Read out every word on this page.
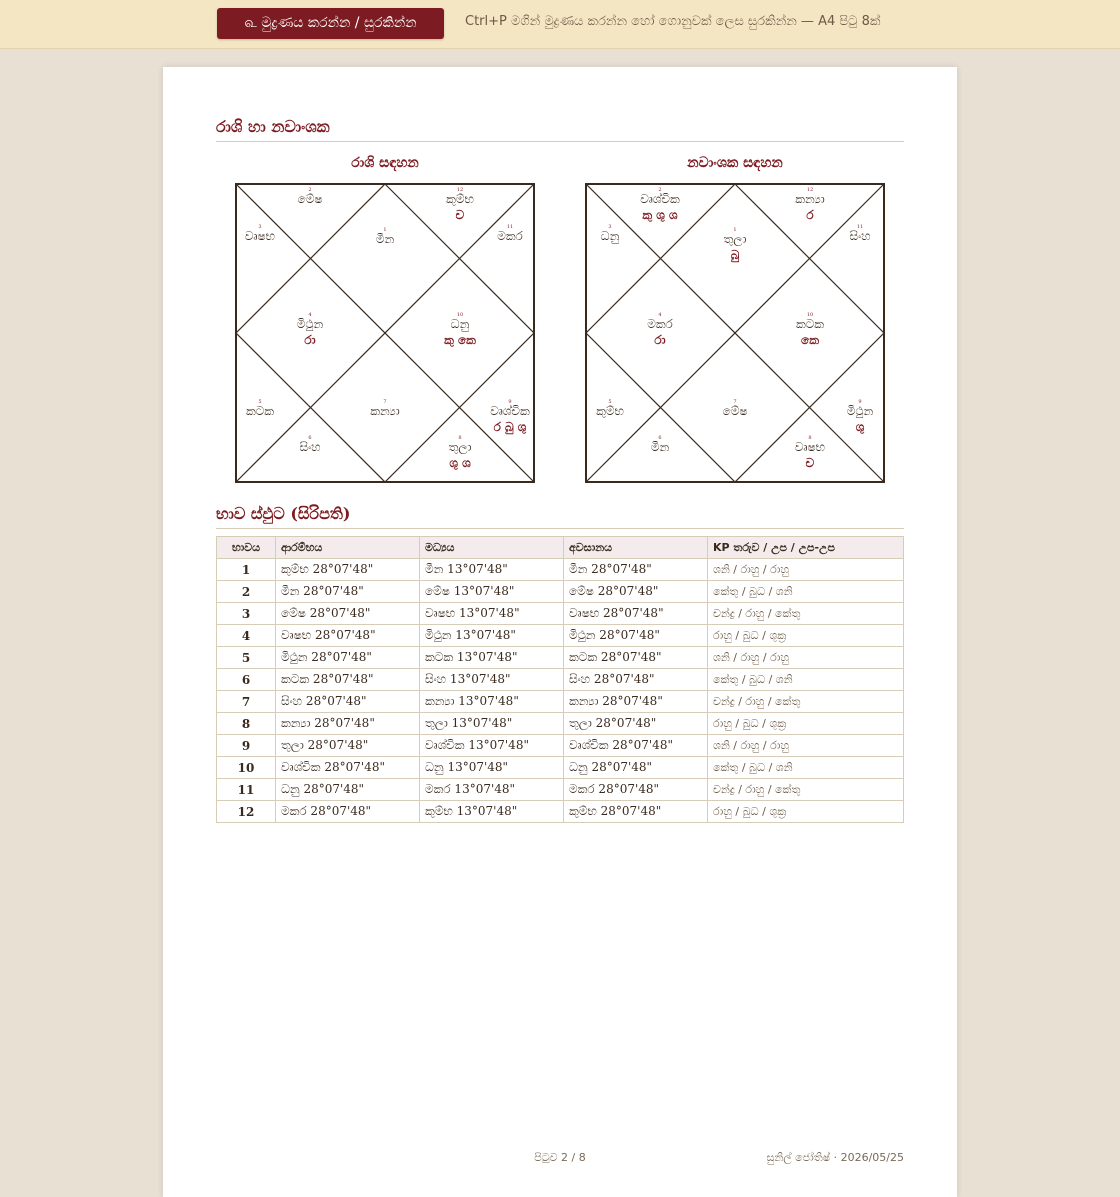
௳ මුද්‍රණය කරන්න / සුරකින්න	Ctrl+P මගින් මුද්‍රණය කරන්න හෝ ගොනුවක් ලෙස සුරකින්න — A4 පිටු 8ක්
රාශි හා නවාංශක
රාශි සඳහන	නවාංශක සඳහන
1
මීන
2
මේෂ
3
වෘෂභ
4
මිථුන
රා
5
කටක
6
සිංහ
7
කන්‍යා
8
තුලා
ශු ශ
9
වෘශ්චික
ර බු ශු
10
ධනු
කු කෙ
11
මකර
12
කුම්භ
ච
1
තුලා
බු
2
වෘශ්චික
කු ශු ශ
3
ධනු
4
මකර
රා
5
කුම්භ
6
මීන
7
මේෂ
8
වෘෂභ
ච
9
මිථුන
ශු
10
කටක
කෙ
11
සිංහ
12
කන්‍යා
ර
භාව ස්ඵුට (සිරිපති)
භාවය	ආරම්භය	මධ්‍යය	අවසානය	KP තරුව / උප / උප-උප
1	කුම්භ 28°07'48"	මීන 13°07'48"	මීන 28°07'48"	ශනි / රාහු / රාහු
2	මීන 28°07'48"	මේෂ 13°07'48"	මේෂ 28°07'48"	කේතු / බුධ / ශනි
3	මේෂ 28°07'48"	වෘෂභ 13°07'48"	වෘෂභ 28°07'48"	චන්ද්‍ර / රාහු / කේතු
4	වෘෂභ 28°07'48"	මිථුන 13°07'48"	මිථුන 28°07'48"	රාහු / බුධ / ශුක්‍ර
5	මිථුන 28°07'48"	කටක 13°07'48"	කටක 28°07'48"	ශනි / රාහු / රාහු
6	කටක 28°07'48"	සිංහ 13°07'48"	සිංහ 28°07'48"	කේතු / බුධ / ශනි
7	සිංහ 28°07'48"	කන්‍යා 13°07'48"	කන්‍යා 28°07'48"	චන්ද්‍ර / රාහු / කේතු
8	කන්‍යා 28°07'48"	තුලා 13°07'48"	තුලා 28°07'48"	රාහු / බුධ / ශුක්‍ර
9	තුලා 28°07'48"	වෘශ්චික 13°07'48"	වෘශ්චික 28°07'48"	ශනි / රාහු / රාහු
10	වෘශ්චික 28°07'48"	ධනු 13°07'48"	ධනු 28°07'48"	කේතු / බුධ / ශනි
11	ධනු 28°07'48"	මකර 13°07'48"	මකර 28°07'48"	චන්ද්‍ර / රාහු / කේතු
12	මකර 28°07'48"	කුම්භ 13°07'48"	කුම්භ 28°07'48"	රාහු / බුධ / ශුක්‍ර
පිටුව 2 / 8	සුනිල් ජෝතිෂ් · 2026/05/25
